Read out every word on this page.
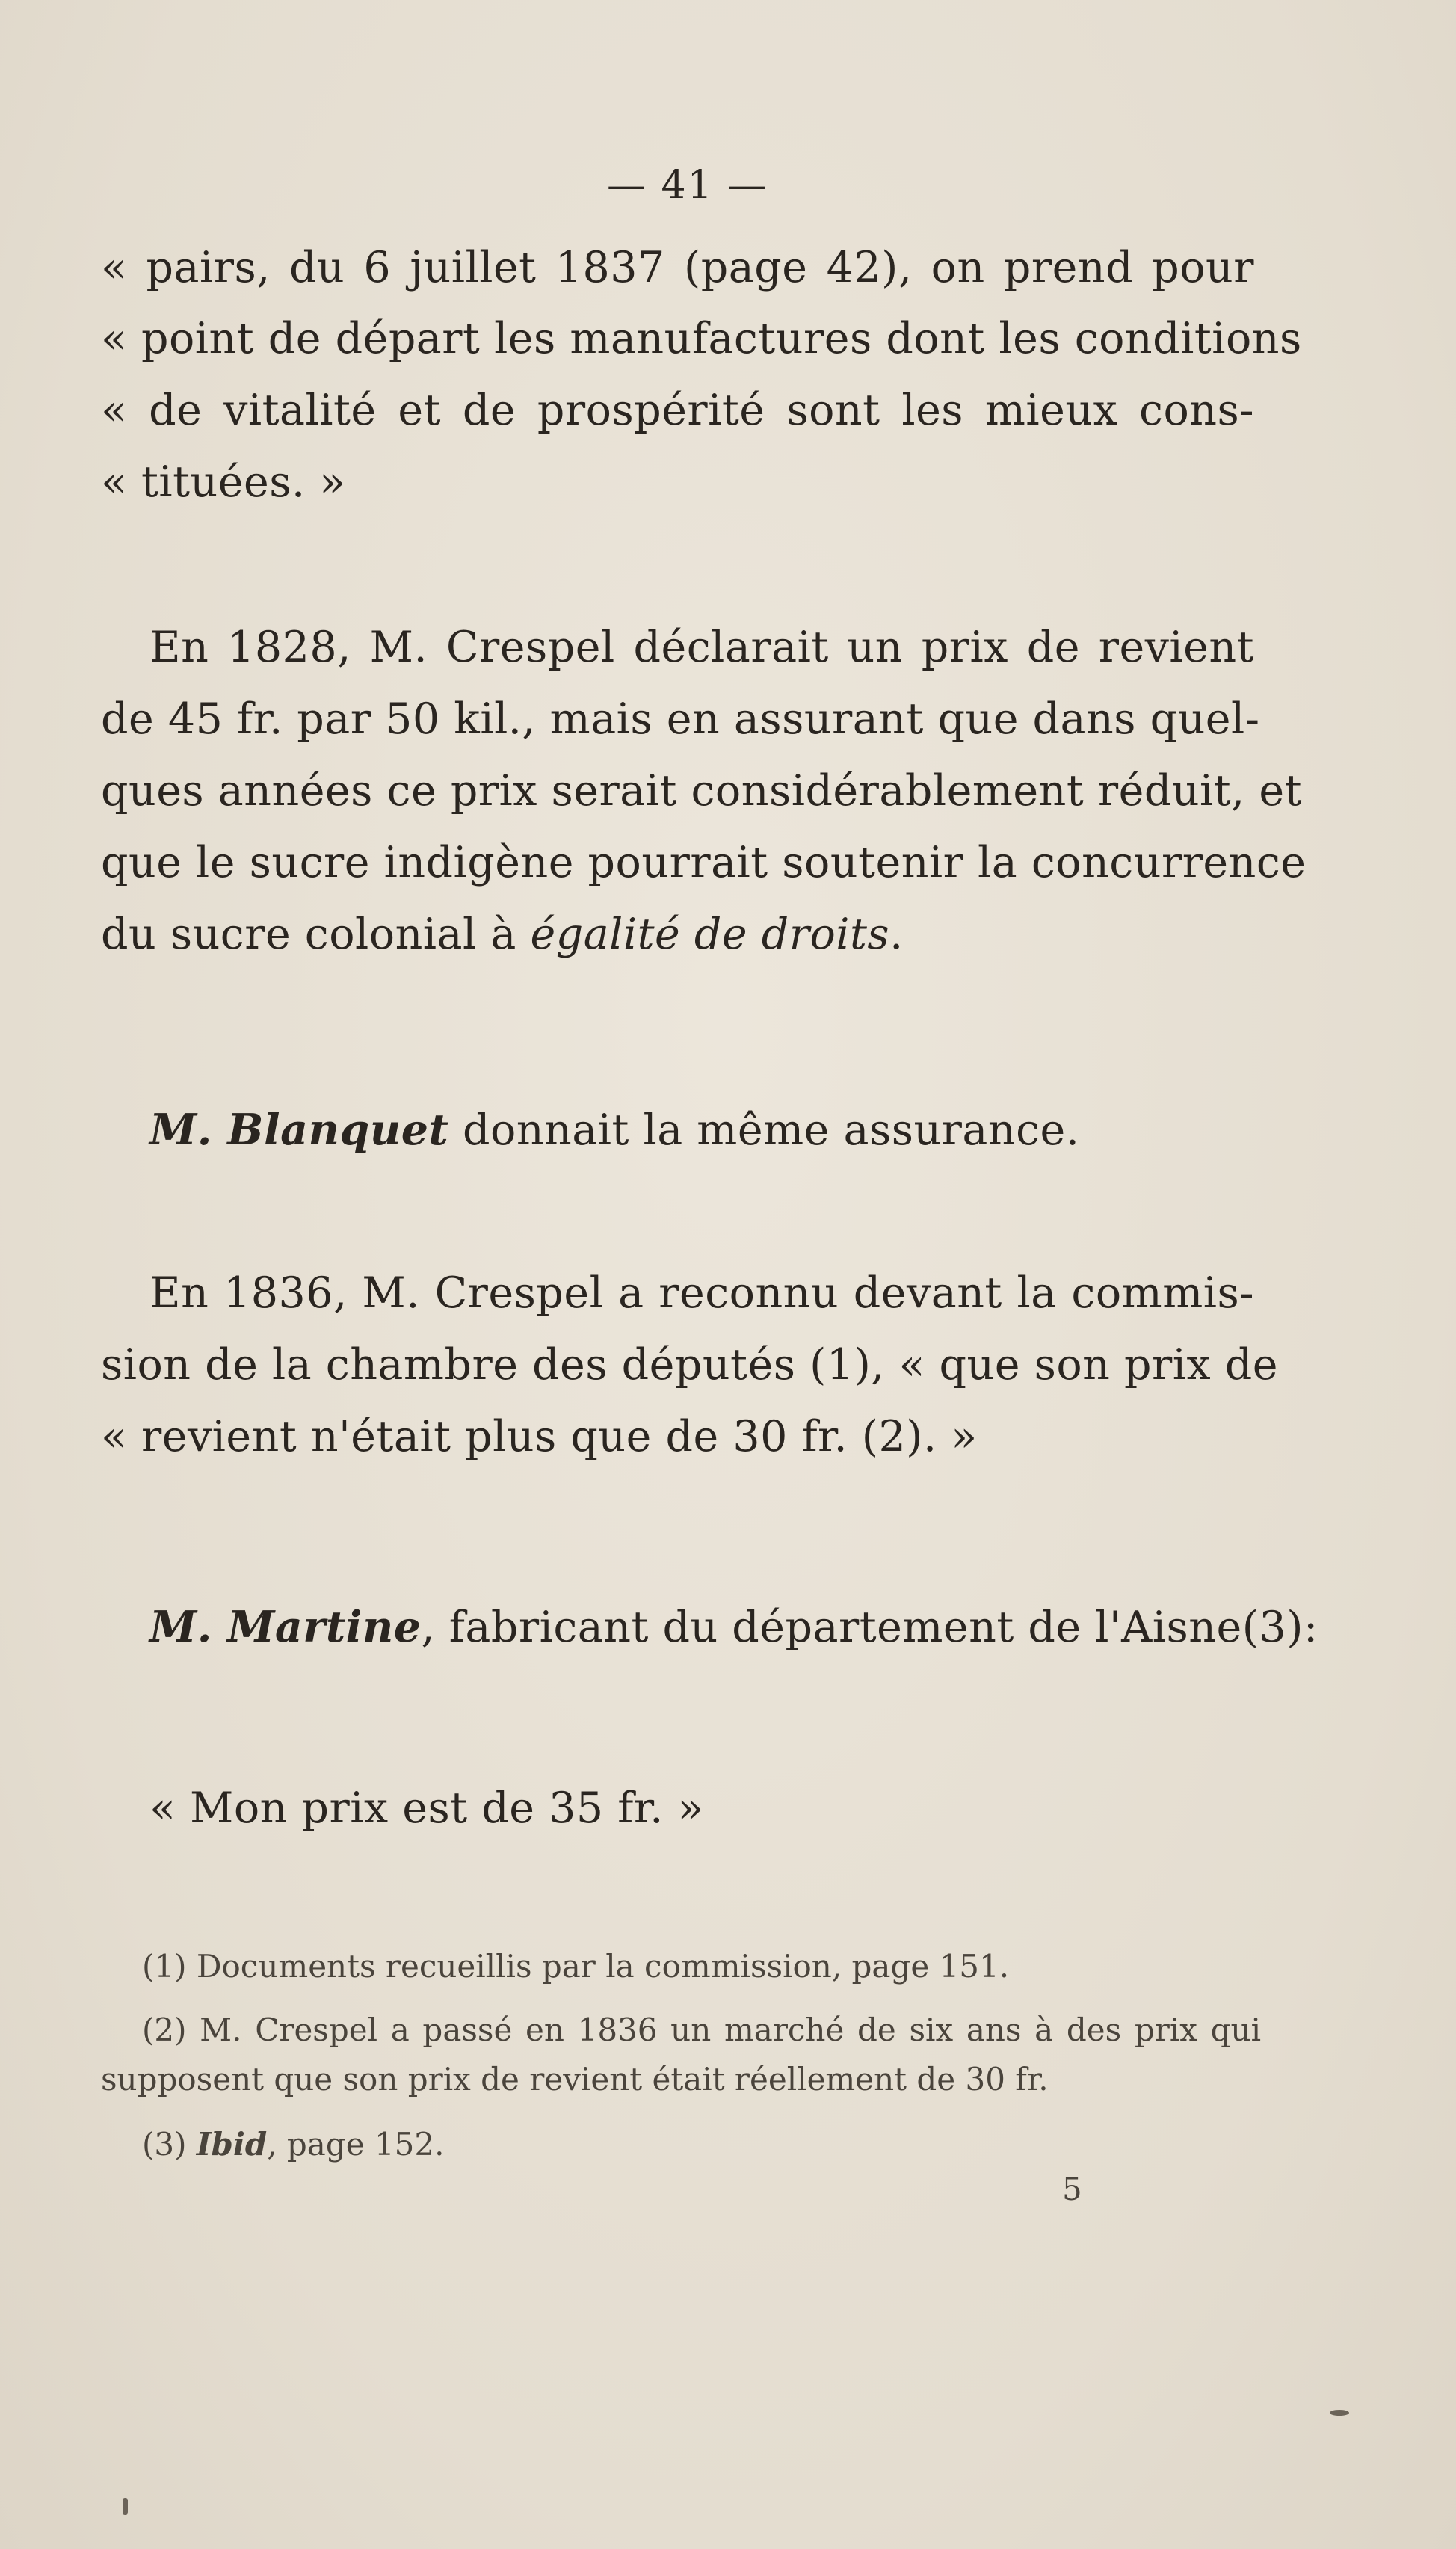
— 41 —

« pairs, du 6 juillet 1837 (page 42), on prend pour

« point de départ les manufactures dont les conditions

« de vitalité et de prospérité sont les mieux cons-

« tituées. »

En 1828, M. Crespel déclarait un prix de revient

de 45 fr. par 50 kil., mais en assurant que dans quel-

ques années ce prix serait considérablement réduit, et

que le sucre indigène pourrait soutenir la concurrence

du sucre colonial à égalité de droits.

M. Blanquet donnait la même assurance.

En 1836, M. Crespel a reconnu devant la commis-

sion de la chambre des députés (1), « que son prix de

« revient n'était plus que de 30 fr. (2). »

M. Martine, fabricant du département de l'Aisne(3):

« Mon prix est de 35 fr. »

(1) Documents recueillis par la commission, page 151.

(2) M. Crespel a passé en 1836 un marché de six ans à des prix qui

supposent que son prix de revient était réellement de 30 fr.

(3) Ibid, page 152.

5
